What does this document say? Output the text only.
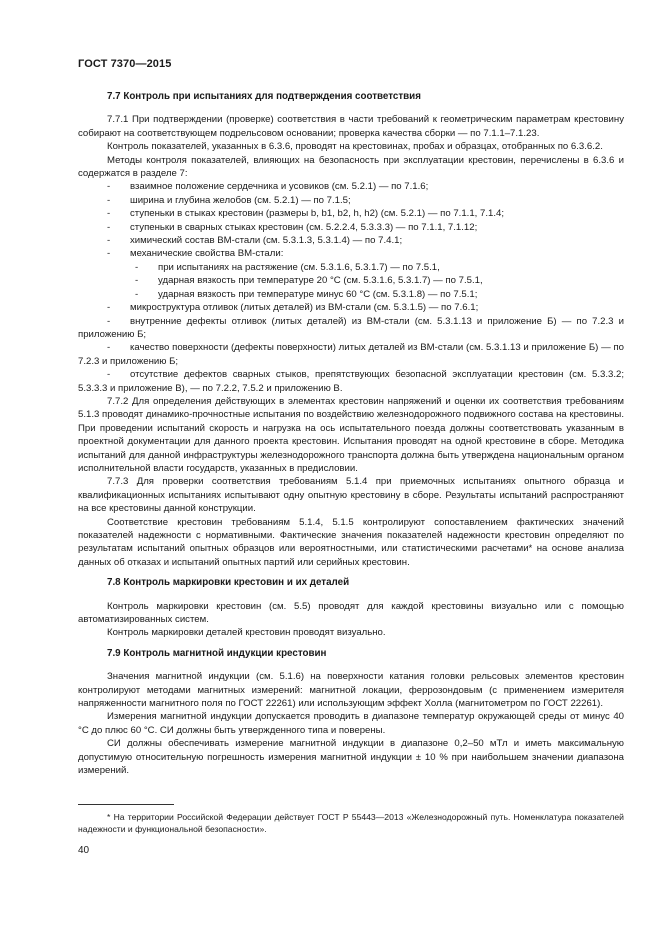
ГОСТ 7370—2015
7.7 Контроль при испытаниях для подтверждения соответствия

7.7.1 При подтверждении (проверке) соответствия в части требований к геометрическим параметрам крестовину собирают на соответствующем подрельсовом основании; проверка качества сборки — по 7.1.1–7.1.23.

Контроль показателей, указанных в 6.3.6, проводят на крестовинах, пробах и образцах, отобранных по 6.3.6.2.

Методы контроля показателей, влияющих на безопасность при эксплуатации крестовин, перечислены в 6.3.6 и содержатся в разделе 7:

- взаимное положение сердечника и усовиков (см. 5.2.1) — по 7.1.6;

- ширина и глубина желобов (см. 5.2.1) — по 7.1.5;

- ступеньки в стыках крестовин (размеры b, b1, b2, h, h2) (см. 5.2.1) — по 7.1.1, 7.1.4;

- ступеньки в сварных стыках крестовин (см. 5.2.2.4, 5.3.3.3) — по 7.1.1, 7.1.12;

- химический состав ВМ-стали (см. 5.3.1.3, 5.3.1.4) — по 7.4.1;

- механические свойства ВМ-стали:

- при испытаниях на растяжение (см. 5.3.1.6, 5.3.1.7) — по 7.5.1,

- ударная вязкость при температуре 20 °С (см. 5.3.1.6, 5.3.1.7) — по 7.5.1,

- ударная вязкость при температуре минус 60 °С (см. 5.3.1.8) — по 7.5.1;

- микроструктура отливок (литых деталей) из ВМ-стали (см. 5.3.1.5) — по 7.6.1;

- внутренние дефекты отливок (литых деталей) из ВМ-стали (см. 5.3.1.13 и приложение Б) — по 7.2.3 и приложению Б;

- качество поверхности (дефекты поверхности) литых деталей из ВМ-стали (см. 5.3.1.13 и приложение Б) — по 7.2.3 и приложению Б;

- отсутствие дефектов сварных стыков, препятствующих безопасной эксплуатации крестовин (см. 5.3.3.2; 5.3.3.3 и приложение В), — по 7.2.2, 7.5.2 и приложению В.

7.7.2 Для определения действующих в элементах крестовин напряжений и оценки их соответствия требованиям 5.1.3 проводят динамико-прочностные испытания по воздействию железнодорожного подвижного состава на крестовины. При проведении испытаний скорость и нагрузка на ось испытательного поезда должны соответствовать указанным в проектной документации для данного проекта крестовин. Испытания проводят на одной крестовине в сборе. Методика испытаний для данной инфраструктуры железнодорожного транспорта должна быть утверждена национальным органом исполнительной власти государств, указанных в предисловии.

7.7.3 Для проверки соответствия требованиям 5.1.4 при приемочных испытаниях опытного образца и квалификационных испытаниях испытывают одну опытную крестовину в сборе. Результаты испытаний распространяют на все крестовины данной конструкции.

Соответствие крестовин требованиям 5.1.4, 5.1.5 контролируют сопоставлением фактических значений показателей надежности с нормативными. Фактические значения показателей надежности крестовин определяют по результатам испытаний опытных образцов или вероятностными, или статистическими расчетами* на основе анализа данных об отказах и испытаний опытных партий или серийных крестовин.

7.8 Контроль маркировки крестовин и их деталей

Контроль маркировки крестовин (см. 5.5) проводят для каждой крестовины визуально или с помощью автоматизированных систем.

Контроль маркировки деталей крестовин проводят визуально.

7.9 Контроль магнитной индукции крестовин

Значения магнитной индукции (см. 5.1.6) на поверхности катания головки рельсовых элементов крестовин контролируют методами магнитных измерений: магнитной локации, феррозондовым (с применением измерителя напряженности магнитного поля по ГОСТ 22261) или использующим эффект Холла (магнитометром по ГОСТ 22261).

Измерения магнитной индукции допускается проводить в диапазоне температур окружающей среды от минус 40 °С до плюс 60 °С. СИ должны быть утвержденного типа и поверены.

СИ должны обеспечивать измерение магнитной индукции в диапазоне 0,2–50 мТл и иметь максимальную допустимую относительную погрешность измерения магнитной индукции ± 10 % при наибольшем значении диапазона измерений.

* На территории Российской Федерации действует ГОСТ Р 55443—2013 «Железнодорожный путь. Номенклатура показателей надежности и функциональной безопасности».

40
